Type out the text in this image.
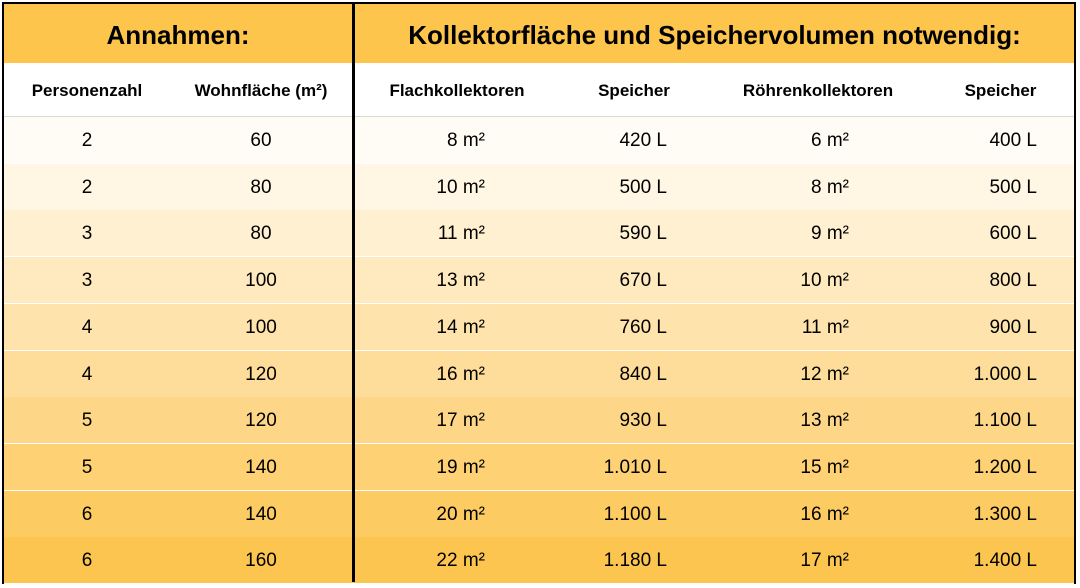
Annahmen:	Kollektorfläche und Speichervolumen notwendig:
Personenzahl	Wohnfläche (m²)	Flachkollektoren	Speicher	Röhrenkollektoren	Speicher
2	60	8 m²	420 L	6 m²	400 L
2	80	10 m²	500 L	8 m²	500 L
3	80	11 m²	590 L	9 m²	600 L
3	100	13 m²	670 L	10 m²	800 L
4	100	14 m²	760 L	11 m²	900 L
4	120	16 m²	840 L	12 m²	1.000 L
5	120	17 m²	930 L	13 m²	1.100 L
5	140	19 m²	1.010 L	15 m²	1.200 L
6	140	20 m²	1.100 L	16 m²	1.300 L
6	160	22 m²	1.180 L	17 m²	1.400 L
